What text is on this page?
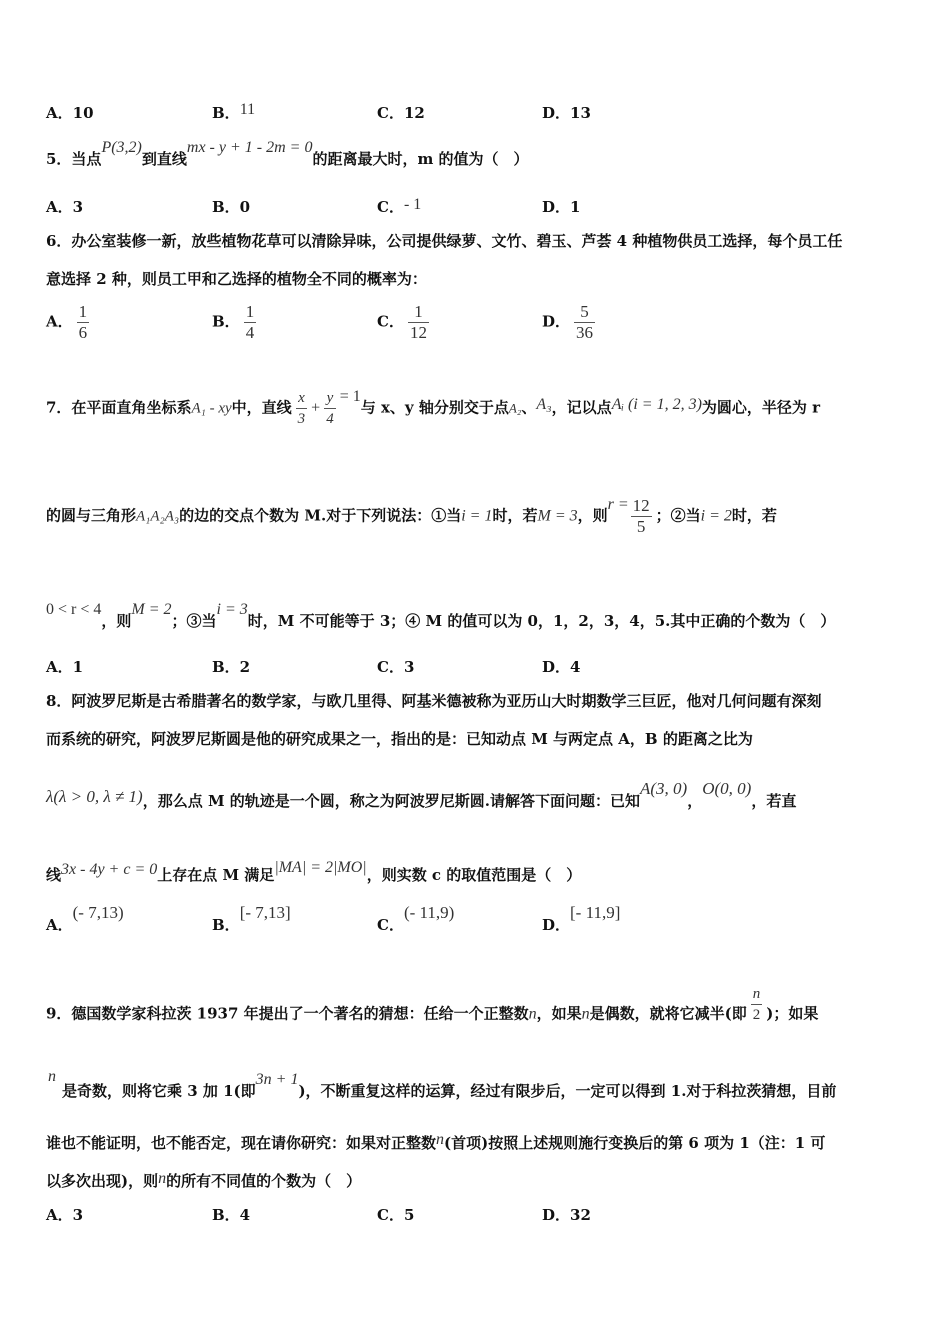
A．10	B．11	C．12	D．13
5．当点P(3,2)到直线mx - y + 1 - 2m = 0的距离最大时，m 的值为（　）
A．3	B．0	C．- 1	D．1
6．办公室装修一新，放些植物花草可以清除异味，公司提供绿萝、文竹、碧玉、芦荟 4 种植物供员工选择，每个员工任
意选择 2 种，则员工甲和乙选择的植物全不同的概率为：
A． $\frac{1}{6}$	B． $\frac{1}{4}$	C． $\frac{1}{12}$	D． $\frac{5}{36}$
7．在平面直角坐标系A₁ - xy中，直线 $\frac{x}{3} + \frac{y}{4} = 1$与 x、y 轴分别交于点A₂、A₃，记以点Aᵢ (i = 1, 2, 3)为圆心，半径为 r
的圆与三角形A₁A₂A₃的边的交点个数为 M.对于下列说法：①当i = 1时，若M = 3，则$r = \frac{12}{5}$ ；②当i = 2时，若
0 < r < 4，则M = 2；③当i = 3时，M 不可能等于 3；④ M 的值可以为 0，1，2，3，4，5.其中正确的个数为（　）
A．1	B．2	C．3	D．4
8．阿波罗尼斯是古希腊著名的数学家，与欧几里得、阿基米德被称为亚历山大时期数学三巨匠，他对几何问题有深刻
而系统的研究，阿波罗尼斯圆是他的研究成果之一，指出的是：已知动点 M 与两定点 A，B 的距离之比为
λ(λ > 0, λ ≠ 1)，那么点 M 的轨迹是一个圆，称之为阿波罗尼斯圆.请解答下面问题：已知A(3, 0)，O(0, 0)，若直
线3x - 4y + c = 0上存在点 M 满足|MA| = 2|MO|，则实数 c 的取值范围是（　）
A．(- 7,13)
B．[- 7,13]
C．(- 11,9)
D．[- 11,9]
9．德国数学家科拉茨 1937 年提出了一个著名的猜想：任给一个正整数n，如果n是偶数，就将它减半(即 $\frac{n}{2}$ )；如果
n
是奇数，则将它乘 3 加 1(即3n + 1)，不断重复这样的运算，经过有限步后，一定可以得到 1.对于科拉茨猜想，目前
谁也不能证明，也不能否定，现在请你研究：如果对正整数n(首项)按照上述规则施行变换后的第 6 项为 1（注：1 可
以多次出现)，则n的所有不同值的个数为（　）
A．3	B．4	C．5	D．32
